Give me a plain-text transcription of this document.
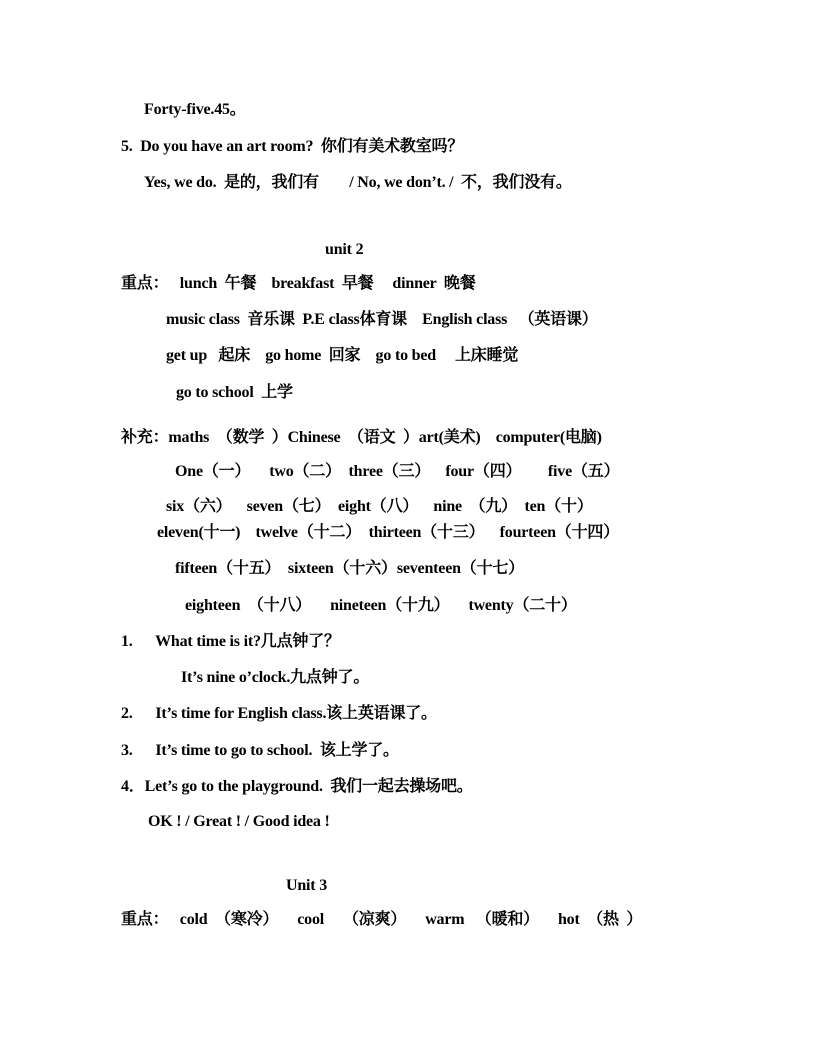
Forty-five.45。
5.  Do you have an art room?  你们有美术教室吗？
Yes, we do.  是的，我们有        / No, we don’t. /  不，我们没有。
unit 2
重点：   lunch  午餐    breakfast  早餐     dinner  晚餐
music class  音乐课  P.E class体育课    English class   （英语课）
get up   起床    go home  回家    go to bed     上床睡觉
go to school  上学
补充：maths  （数学  ）Chinese  （语文  ）art(美术)    computer(电脑)
One（一）     two（二）  three（三）    four（四）       five（五）
six（六）    seven（七）  eight（八）    nine  （九）  ten（十）
eleven(十一)    twelve（十二）  thirteen（十三）    fourteen（十四）
fifteen（十五）  sixteen（十六）seventeen（十七）
eighteen  （十八）     nineteen（十九）     twenty（二十）
1.      What time is it?几点钟了？
It’s nine o’clock.九点钟了。
2.      It’s time for English class.该上英语课了。
3.      It’s time to go to school.  该上学了。
4．Let’s go to the playground.  我们一起去操场吧。
OK ! / Great ! / Good idea !
Unit 3
重点：   cold  （寒冷）     cool     （凉爽）     warm   （暖和）     hot  （热  ）
